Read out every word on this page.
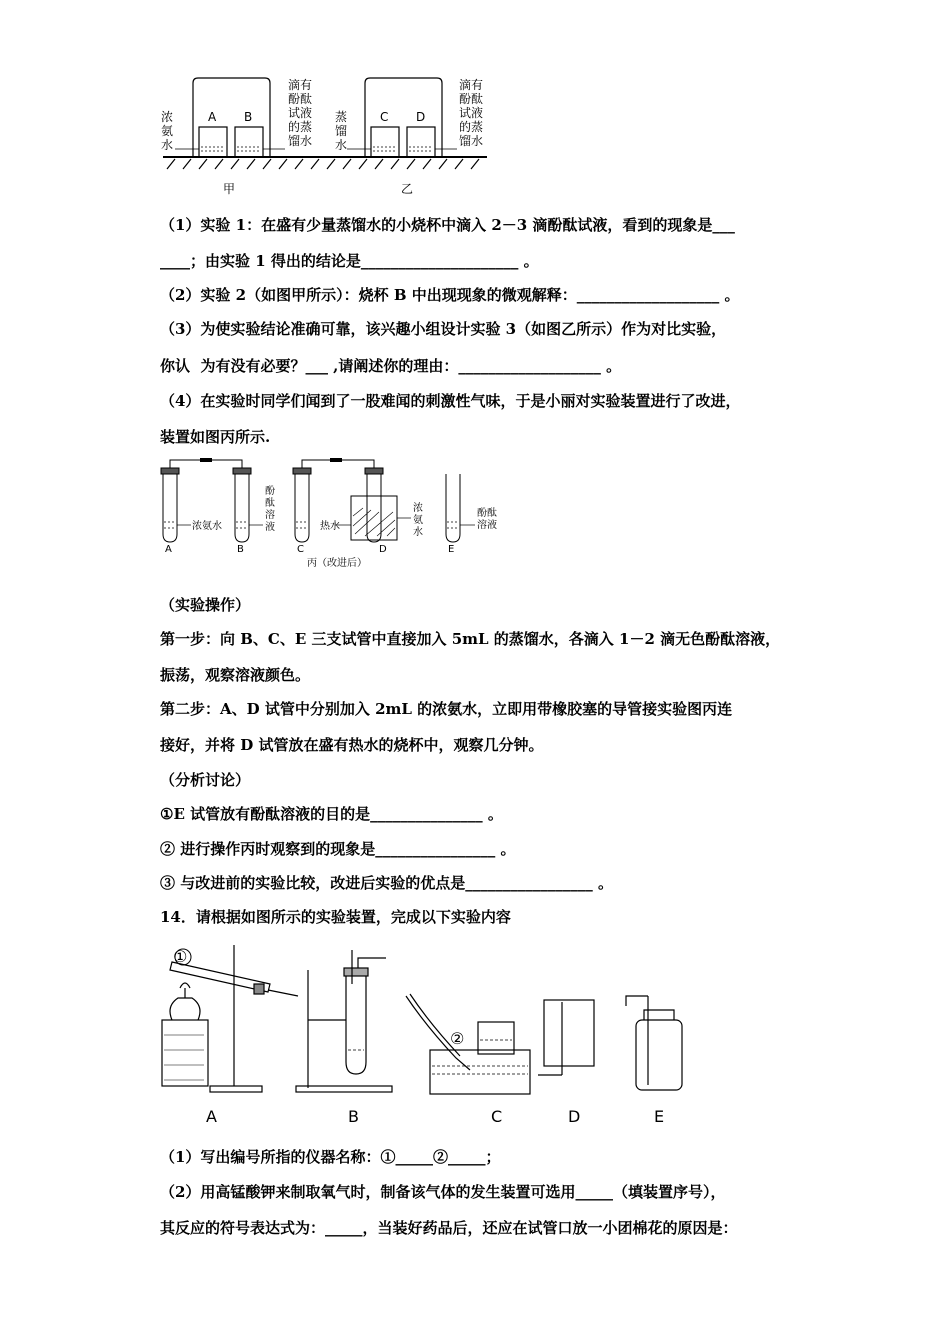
浓氨水
A B
滴有酚酞试液的蒸馏水
蒸馏水
C D
滴有酚酞试液的蒸馏水
甲	乙
（1）实验 1：在盛有少量蒸馏水的小烧杯中滴入 2－3 滴酚酞试液，看到的现象是___
____；由实验 1 得出的结论是_____________________ 。
（2）实验 2（如图甲所示）：烧杯 B 中出现现象的微观解释：___________________ 。
（3）为使实验结论准确可靠，该兴趣小组设计实验 3（如图乙所示）作为对比实验，
你认  为有没有必要？___ ,请阐述你的理由：___________________ 。
（4）在实验时同学们闻到了一股难闻的刺激性气味，于是小丽对实验装置进行了改进，
装置如图丙所示.
浓氨水
酚酞溶液	热水
浓氨水
酚酞溶液
A	B	C	D	E
丙（改进后）
（实验操作）
第一步：向 B、C、E 三支试管中直接加入 5mL 的蒸馏水，各滴入 1－2 滴无色酚酞溶液，
振荡，观察溶液颜色。
第二步：A、D 试管中分别加入 2mL 的浓氨水，立即用带橡胶塞的导管接实验图丙连
接好，并将 D 试管放在盛有热水的烧杯中，观察几分钟。
（分析讨论）
①E 试管放有酚酞溶液的目的是_______________ 。
② 进行操作丙时观察到的现象是________________ 。
③ 与改进前的实验比较，改进后实验的优点是_________________ 。
14．请根据如图所示的实验装置，完成以下实验内容
①
②
A	B	C	D	E
（1）写出编号所指的仪器名称：①_____②_____；
（2）用高锰酸钾来制取氧气时，制备该气体的发生装置可选用_____（填装置序号），
其反应的符号表达式为：_____，当装好药品后，还应在试管口放一小团棉花的原因是：
